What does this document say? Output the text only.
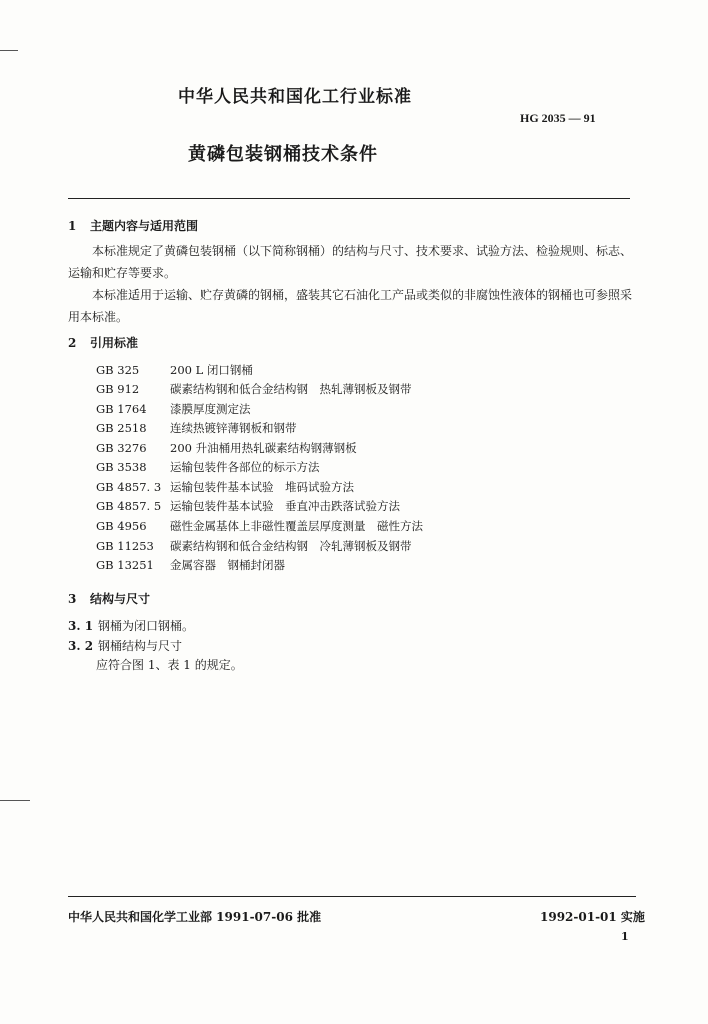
中华人民共和国化工行业标准
HG 2035 — 91
黄磷包装钢桶技术条件
1 主题内容与适用范围
本标准规定了黄磷包装钢桶（以下简称钢桶）的结构与尺寸、技术要求、试验方法、检验规则、标志、运输和贮存等要求。
本标准适用于运输、贮存黄磷的钢桶，盛装其它石油化工产品或类似的非腐蚀性液体的钢桶也可参照采用本标准。
2 引用标准
GB 325	200 L 闭口钢桶
GB 912	碳素结构钢和低合金结构钢　热轧薄钢板及钢带
GB 1764 漆膜厚度测定法
GB 2518 连续热镀锌薄钢板和钢带
GB 3276 200 升油桶用热轧碳素结构钢薄钢板
GB 3538 运输包装件各部位的标示方法
GB 4857. 3 运输包装件基本试验　堆码试验方法
GB 4857. 5 运输包装件基本试验　垂直冲击跌落试验方法
GB 4956 磁性金属基体上非磁性覆盖层厚度测量　磁性方法
GB 11253 碳素结构钢和低合金结构钢　冷轧薄钢板及钢带
GB 13251 金属容器　钢桶封闭器
3 结构与尺寸
3. 1 钢桶为闭口钢桶。
3. 2 钢桶结构与尺寸
应符合图 1、表 1 的规定。
中华人民共和国化学工业部 1991-07-06 批准	1992-01-01 实施
1
